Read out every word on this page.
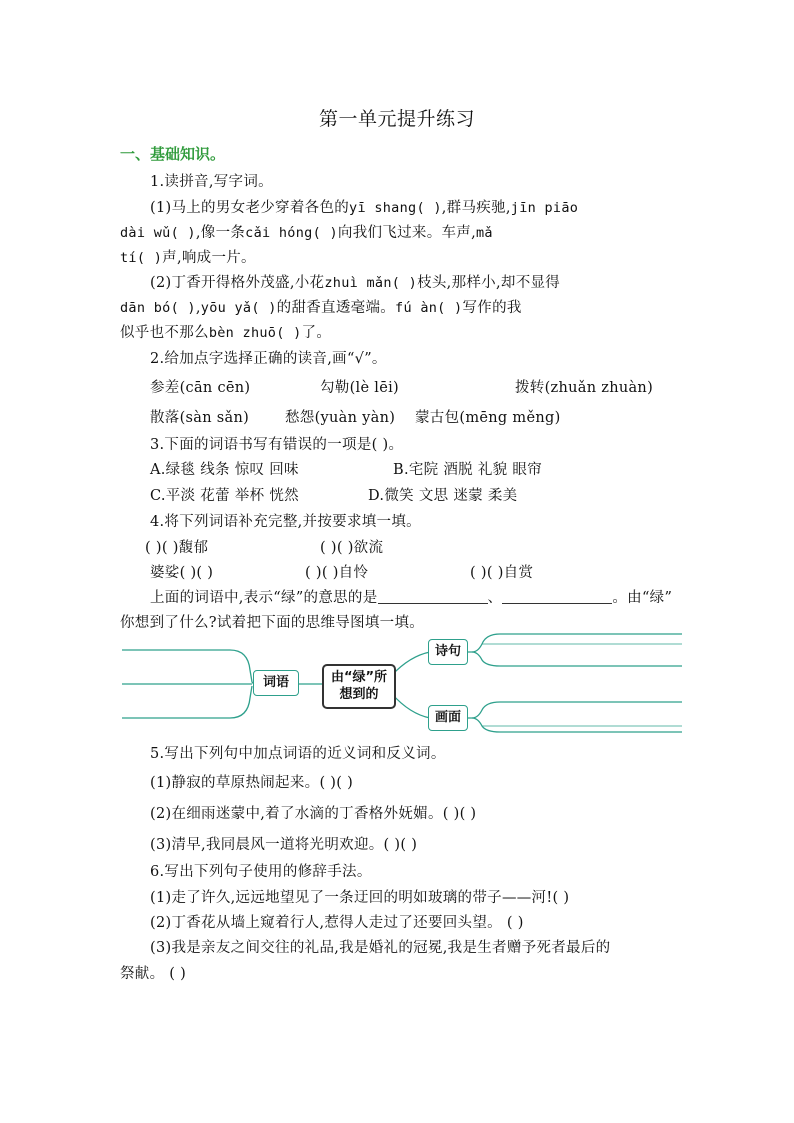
第一单元提升练习
一、基础知识。
1.读拼音,写字词。
(1)马上的男女老少穿着各色的yī shang( ),群马疾驰,jīn piāo
dài wǔ( ),像一条cǎi hóng( )向我们飞过来。车声,mǎ
tí( )声,响成一片。
(2)丁香开得格外茂盛,小花zhuì mǎn( )枝头,那样小,却不显得
dān bó( ),yōu yǎ( )的甜香直透毫端。fú àn( )写作的我
似乎也不那么bèn zhuō( )了。
2.给加点字选择正确的读音,画“√”。
参差(cān cēn)	勾勒(lè lēi)	拨转(zhuǎn zhuàn)
散落(sàn sǎn) 愁怨(yuàn yàn) 蒙古包(mēng měng)
3.下面的词语书写有错误的一项是( )。
A.绿毯 线条 惊叹 回味	B.宅院 酒脱 礼貌 眼帘
C.平淡 花蕾 举杯 恍然	D.微笑 文思 迷蒙 柔美
4.将下列词语补充完整,并按要求填一填。
( )( )馥郁	( )( )欲流
婆娑( )( )	( )( )自怜	( )( )自赏
上面的词语中,表示“绿”的意思的是	、	。由“绿”
你想到了什么?试着把下面的思维导图填一填。
词语	由“绿”所
想到的
诗句
画面
5.写出下列句中加点词语的近义词和反义词。
(1)静寂的草原热闹起来。( )( )
(2)在细雨迷蒙中,着了水滴的丁香格外妩媚。( )( )
(3)清早,我同晨风一道将光明欢迎。( )( )
6.写出下列句子使用的修辞手法。
(1)走了许久,远远地望见了一条迂回的明如玻璃的带子——河!( )
(2)丁香花从墙上窥着行人,惹得人走过了还要回头望。 ( )
(3)我是亲友之间交往的礼品,我是婚礼的冠冕,我是生者赠予死者最后的
祭献。 ( )
